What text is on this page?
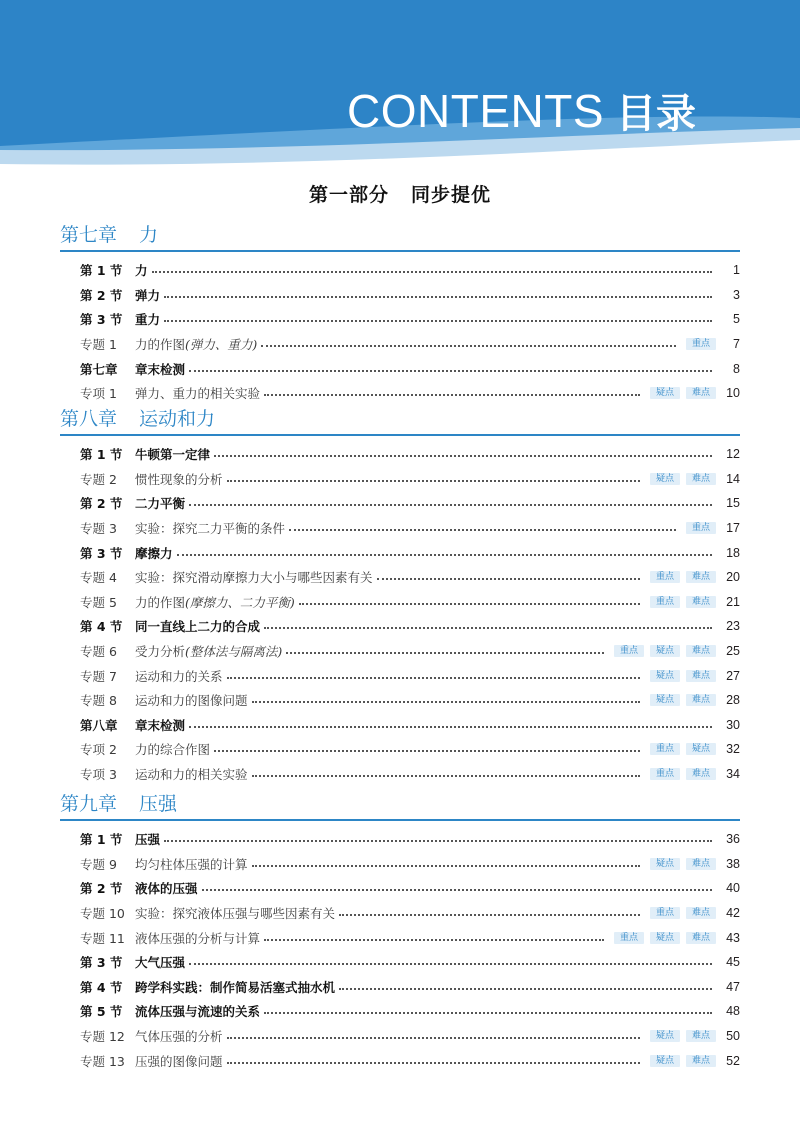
CONTENTS 目录
第一部分 同步提优
第七章 力
第 1 节	力	1
第 2 节	弹力	3
第 3 节	重力	5
专题 1	力的作图(弹力、重力)	重点	7
第七章	章末检测	8
专项 1	弹力、重力的相关实验	疑点	难点	10
第八章 运动和力
第 1 节	牛顿第一定律	12
专题 2	惯性现象的分析	疑点	难点	14
第 2 节	二力平衡	15
专题 3	实验：探究二力平衡的条件	重点	17
第 3 节	摩擦力	18
专题 4	实验：探究滑动摩擦力大小与哪些因素有关	重点	难点	20
专题 5	力的作图(摩擦力、二力平衡)	重点	难点	21
第 4 节	同一直线上二力的合成	23
专题 6	受力分析(整体法与隔离法)	重点	疑点	难点	25
专题 7	运动和力的关系	疑点	难点	27
专题 8	运动和力的图像问题	疑点	难点	28
第八章	章末检测	30
专项 2	力的综合作图	重点	疑点	32
专项 3	运动和力的相关实验	重点	难点	34
第九章 压强
第 1 节	压强	36
专题 9	均匀柱体压强的计算	疑点	难点	38
第 2 节	液体的压强	40
专题 10 实验：探究液体压强与哪些因素有关	重点	难点	42
专题 11 液体压强的分析与计算	重点	疑点	难点	43
第 3 节	大气压强	45
第 4 节	跨学科实践：制作简易活塞式抽水机	47
第 5 节	流体压强与流速的关系	48
专题 12 气体压强的分析	疑点	难点	50
专题 13 压强的图像问题	疑点	难点	52
